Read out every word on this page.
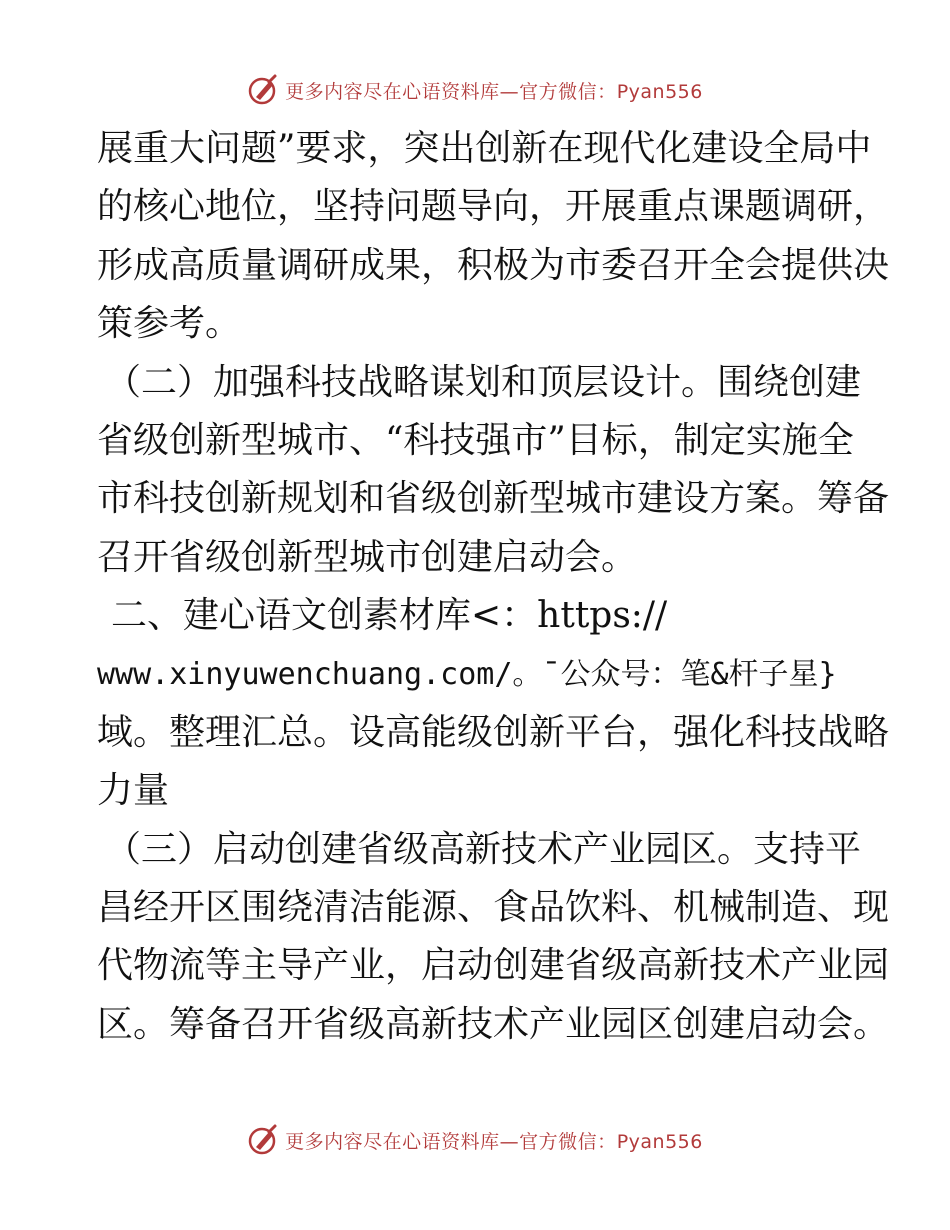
更多内容尽在心语资料库—官方微信：Pyan556
展重大问题”要求，突出创新在现代化建设全局中
的核心地位，坚持问题导向，开展重点课题调研，
形成高质量调研成果，积极为市委召开全会提供决
策参考。
（二）加强科技战略谋划和顶层设计。围绕创建
省级创新型城市、“科技强市”目标，制定实施全
市科技创新规划和省级创新型城市建设方案。筹备
召开省级创新型城市创建启动会。
二、建心语文创素材库<：https://
www.xinyuwenchuang.com/。¯公众号：笔&杆子星}
域。整理汇总。设高能级创新平台，强化科技战略
力量
（三）启动创建省级高新技术产业园区。支持平
昌经开区围绕清洁能源、食品饮料、机械制造、现
代物流等主导产业，启动创建省级高新技术产业园
区。筹备召开省级高新技术产业园区创建启动会。
更多内容尽在心语资料库—官方微信：Pyan556
